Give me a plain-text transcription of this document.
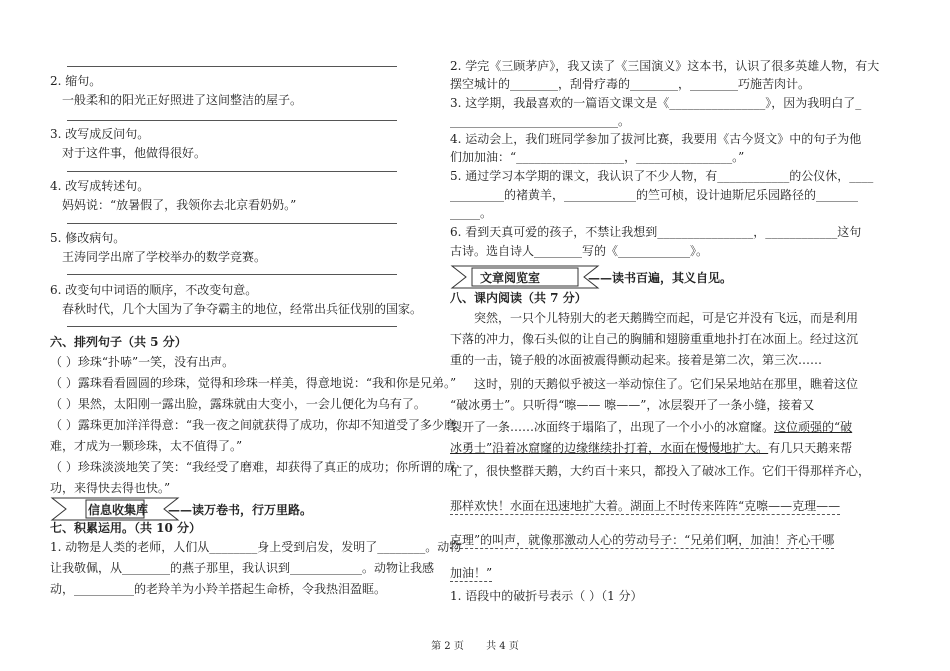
2. 缩句。
一般柔和的阳光正好照进了这间整洁的屋子。
3. 改写成反问句。
对于这件事，他做得很好。
4. 改写成转述句。
妈妈说：“放暑假了，我领你去北京看奶奶。”
5. 修改病句。
王涛同学出席了学校举办的数学竞赛。
6. 改变句中词语的顺序，不改变句意。
春秋时代，几个大国为了争夺霸主的地位，经常出兵征伐别的国家。
六、排列句子（共 5 分）
（ ）珍珠“扑哧”一笑，没有出声。
（ ）露珠看看圆圆的珍珠，觉得和珍珠一样美，得意地说：“我和你是兄弟。”
（ ）果然，太阳刚一露出脸，露珠就由大变小，一会儿便化为乌有了。
（ ）露珠更加洋洋得意：“我一夜之间就获得了成功，你却不知道受了多少磨
难，才成为一颗珍珠，太不值得了。”
（ ）珍珠淡淡地笑了笑：“我经受了磨难，却获得了真正的成功；你所谓的成
功，来得快去得也快。”
信息收集库 ——读万卷书，行万里路。
七、积累运用。（共 10 分）
1. 动物是人类的老师，人们从________身上受到启发，发明了________。动物
让我敬佩，从________的燕子那里，我认识到____________。动物让我感
动，__________的老羚羊为小羚羊搭起生命桥，令我热泪盈眶。
2. 学完《三顾茅庐》，我又读了《三国演义》这本书，认识了很多英雄人物，有大
摆空城计的________，刮骨疗毒的________，________巧施苦肉计。
3. 这学期，我最喜欢的一篇语文课文是《________________》，因为我明白了_
____________________________。
4. 运动会上，我们班同学参加了拔河比赛，我要用《古今贤文》中的句子为他
们加加油：“__________________，________________。”
5. 通过学习本学期的课文，我认识了不少人物，有____________的公仪休，____
_________的褚黄羊，____________的竺可桢，设计迪斯尼乐园路径的_______
_____。
6. 看到天真可爱的孩子，不禁让我想到________________，____________这句
古诗。选自诗人________写的《____________》。
文章阅览室	——读书百遍，其义自见。
八、课内阅读（共 7 分）
突然，一只个儿特别大的老天鹅腾空而起，可是它并没有飞远，而是利用
下落的冲力，像石头似的让自己的胸脯和翅膀重重地扑打在冰面上。经过这沉
重的一击，镜子般的冰面被震得颤动起来。接着是第二次，第三次……
这时，别的天鹅似乎被这一举动惊住了。它们呆呆地站在那里，瞧着这位
“破冰勇士”。只听得“嚓—— 嚓——”，冰层裂开了一条小缝，接着又
裂开了一条……冰面终于塌陷了，出现了一个小小的冰窟窿。这位顽强的“破
冰勇士”沿着冰窟窿的边缘继续扑打着，水面在慢慢地扩大。有几只天鹅来帮
忙了，很快整群天鹅，大约百十来只，都投入了破冰工作。它们干得那样齐心，
那样欢快！水面在迅速地扩大着。湖面上不时传来阵阵“克嚓——克理——
克理”的叫声，就像那激动人心的劳动号子：“兄弟们啊，加油！齐心干哪
加油！”
1. 语段中的破折号表示（ ）（1 分）
第 2 页 共 4 页
